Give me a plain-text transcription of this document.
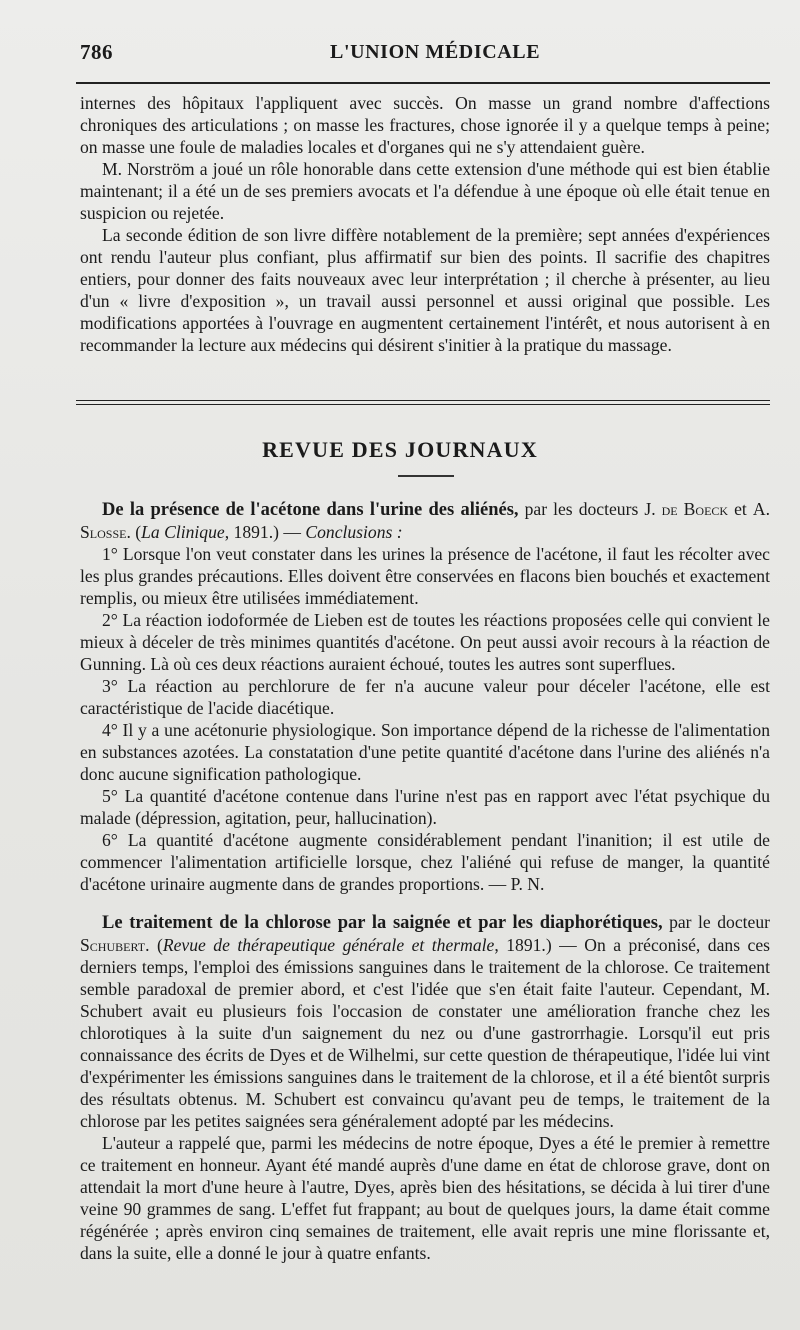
786	L'UNION MÉDICALE

internes des hôpitaux l'appliquent avec succès. On masse un grand nombre d'affections chroniques des articulations ; on masse les fractures, chose ignorée il y a quelque temps à peine; on masse une foule de maladies locales et d'organes qui ne s'y attendaient guère.

M. Norström a joué un rôle honorable dans cette extension d'une méthode qui est bien établie maintenant; il a été un de ses premiers avocats et l'a défendue à une époque où elle était tenue en suspicion ou rejetée.

La seconde édition de son livre diffère notablement de la première; sept années d'expériences ont rendu l'auteur plus confiant, plus affirmatif sur bien des points. Il sacrifie des chapitres entiers, pour donner des faits nouveaux avec leur interprétation ; il cherche à présenter, au lieu d'un « livre d'exposition », un travail aussi personnel et aussi original que possible. Les modifications apportées à l'ouvrage en augmentent certainement l'intérêt, et nous autorisent à en recommander la lecture aux médecins qui désirent s'initier à la pratique du massage.

REVUE DES JOURNAUX

De la présence de l'acétone dans l'urine des aliénés, par les docteurs J. de Boeck et A. Slosse. (La Clinique, 1891.) — Conclusions :

1° Lorsque l'on veut constater dans les urines la présence de l'acétone, il faut les récolter avec les plus grandes précautions. Elles doivent être conservées en flacons bien bouchés et exactement remplis, ou mieux être utilisées immédiatement.

2° La réaction iodoformée de Lieben est de toutes les réactions proposées celle qui convient le mieux à déceler de très minimes quantités d'acétone. On peut aussi avoir recours à la réaction de Gunning. Là où ces deux réactions auraient échoué, toutes les autres sont superflues.

3° La réaction au perchlorure de fer n'a aucune valeur pour déceler l'acétone, elle est caractéristique de l'acide diacétique.

4° Il y a une acétonurie physiologique. Son importance dépend de la richesse de l'alimentation en substances azotées. La constatation d'une petite quantité d'acétone dans l'urine des aliénés n'a donc aucune signification pathologique.

5° La quantité d'acétone contenue dans l'urine n'est pas en rapport avec l'état psychique du malade (dépression, agitation, peur, hallucination).

6° La quantité d'acétone augmente considérablement pendant l'inanition; il est utile de commencer l'alimentation artificielle lorsque, chez l'aliéné qui refuse de manger, la quantité d'acétone urinaire augmente dans de grandes proportions. — P. N.

Le traitement de la chlorose par la saignée et par les diaphorétiques, par le docteur Schubert. (Revue de thérapeutique générale et thermale, 1891.) — On a préconisé, dans ces derniers temps, l'emploi des émissions sanguines dans le traitement de la chlorose. Ce traitement semble paradoxal de premier abord, et c'est l'idée que s'en était faite l'auteur. Cependant, M. Schubert avait eu plusieurs fois l'occasion de constater une amélioration franche chez les chlorotiques à la suite d'un saignement du nez ou d'une gastrorrhagie. Lorsqu'il eut pris connaissance des écrits de Dyes et de Wilhelmi, sur cette question de thérapeutique, l'idée lui vint d'expérimenter les émissions sanguines dans le traitement de la chlorose, et il a été bientôt surpris des résultats obtenus. M. Schubert est convaincu qu'avant peu de temps, le traitement de la chlorose par les petites saignées sera généralement adopté par les médecins.

L'auteur a rappelé que, parmi les médecins de notre époque, Dyes a été le premier à remettre ce traitement en honneur. Ayant été mandé auprès d'une dame en état de chlorose grave, dont on attendait la mort d'une heure à l'autre, Dyes, après bien des hésitations, se décida à lui tirer d'une veine 90 grammes de sang. L'effet fut frappant; au bout de quelques jours, la dame était comme régénérée ; après environ cinq semaines de traitement, elle avait repris une mine florissante et, dans la suite, elle a donné le jour à quatre enfants.
